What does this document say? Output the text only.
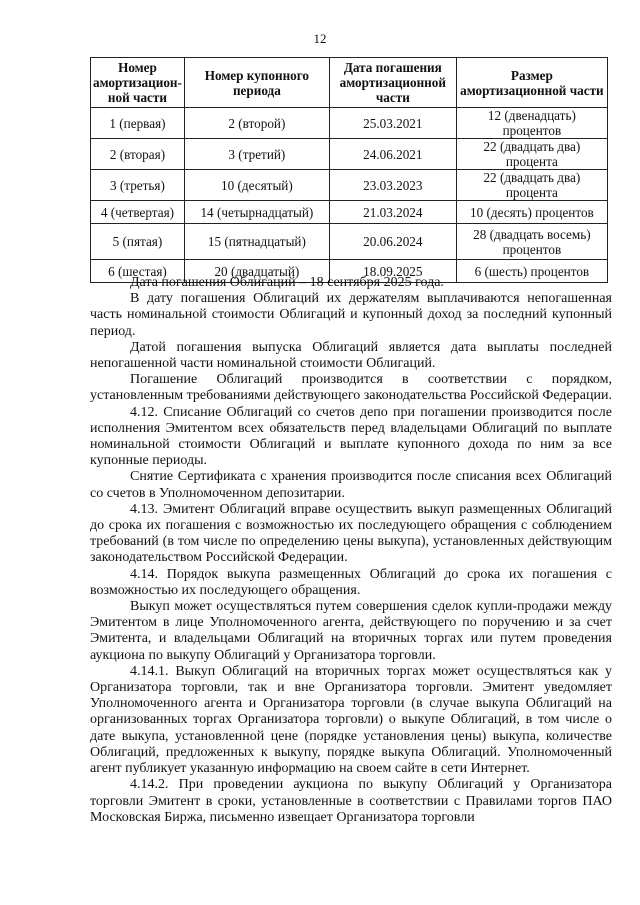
12
Номер амортизацион-ной части	Номер купонного периода	Дата погашения амортизационной части	Размер амортизационной части
1 (первая)	2 (второй)	25.03.2021	12 (двенадцать) процентов
2 (вторая)	3 (третий)	24.06.2021	22 (двадцать два) процента
3 (третья)	10 (десятый)	23.03.2023	22 (двадцать два) процента
4 (четвертая)	14 (четырнадцатый)	21.03.2024	10 (десять) процентов
5 (пятая)	15 (пятнадцатый)	20.06.2024	28 (двадцать восемь) процентов
6 (шестая)	20 (двадцатый)	18.09.2025	6 (шесть) процентов

Дата погашения Облигаций – 18 сентября 2025 года.

В дату погашения Облигаций их держателям выплачиваются непогашенная часть номинальной стоимости Облигаций и купонный доход за последний купонный период.

Датой погашения выпуска Облигаций является дата выплаты последней непогашенной части номинальной стоимости Облигаций.

Погашение Облигаций производится в соответствии с порядком, установленным требованиями действующего законодательства Российской Федерации.

4.12. Списание Облигаций со счетов депо при погашении производится после исполнения Эмитентом всех обязательств перед владельцами Облигаций по выплате номинальной стоимости Облигаций и выплате купонного дохода по ним за все купонные периоды.

Снятие Сертификата с хранения производится после списания всех Облигаций со счетов в Уполномоченном депозитарии.

4.13. Эмитент Облигаций вправе осуществить выкуп размещенных Облигаций до срока их погашения с возможностью их последующего обращения с соблюдением требований (в том числе по определению цены выкупа), установленных действующим законодательством Российской Федерации.

4.14. Порядок выкупа размещенных Облигаций до срока их погашения с возможностью их последующего обращения.

Выкуп может осуществляться путем совершения сделок купли-продажи между Эмитентом в лице Уполномоченного агента, действующего по поручению и за счет Эмитента, и владельцами Облигаций на вторичных торгах или путем проведения аукциона по выкупу Облигаций у Организатора торговли.

4.14.1. Выкуп Облигаций на вторичных торгах может осуществляться как у Организатора торговли, так и вне Организатора торговли. Эмитент уведомляет Уполномоченного агента и Организатора торговли (в случае выкупа Облигаций на организованных торгах Организатора торговли) о выкупе Облигаций, в том числе о дате выкупа, установленной цене (порядке установления цены) выкупа, количестве Облигаций, предложенных к выкупу, порядке выкупа Облигаций. Уполномоченный агент публикует указанную информацию на своем сайте в сети Интернет.

4.14.2. При проведении аукциона по выкупу Облигаций у Организатора торговли Эмитент в сроки, установленные в соответствии с Правилами торгов ПАО Московская Биржа, письменно извещает Организатора торговли
